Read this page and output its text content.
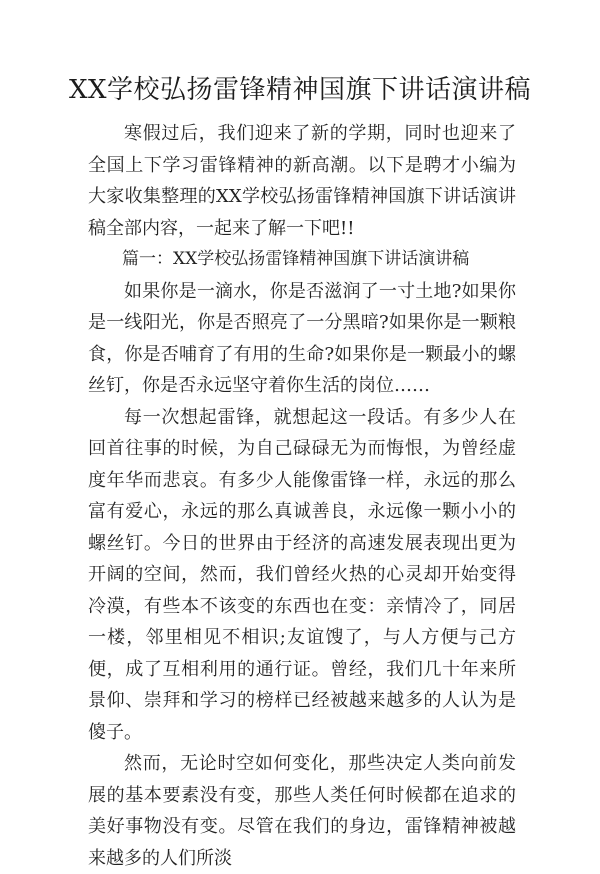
XX学校弘扬雷锋精神国旗下讲话演讲稿

寒假过后，我们迎来了新的学期，同时也迎来了全国上下学习雷锋精神的新高潮。以下是聘才小编为大家收集整理的XX学校弘扬雷锋精神国旗下讲话演讲稿全部内容，一起来了解一下吧!!

篇一：XX学校弘扬雷锋精神国旗下讲话演讲稿

如果你是一滴水，你是否滋润了一寸土地?如果你是一线阳光，你是否照亮了一分黑暗?如果你是一颗粮食，你是否哺育了有用的生命?如果你是一颗最小的螺丝钉，你是否永远坚守着你生活的岗位……

每一次想起雷锋，就想起这一段话。有多少人在回首往事的时候，为自己碌碌无为而悔恨，为曾经虚度年华而悲哀。有多少人能像雷锋一样，永远的那么富有爱心，永远的那么真诚善良，永远像一颗小小的螺丝钉。今日的世界由于经济的高速发展表现出更为开阔的空间，然而，我们曾经火热的心灵却开始变得冷漠，有些本不该变的东西也在变：亲情冷了，同居一楼，邻里相见不相识;友谊馊了，与人方便与己方便，成了互相利用的通行证。曾经，我们几十年来所景仰、崇拜和学习的榜样已经被越来越多的人认为是傻子。

然而，无论时空如何变化，那些决定人类向前发展的基本要素没有变，那些人类任何时候都在追求的美好事物没有变。尽管在我们的身边，雷锋精神被越来越多的人们所淡
